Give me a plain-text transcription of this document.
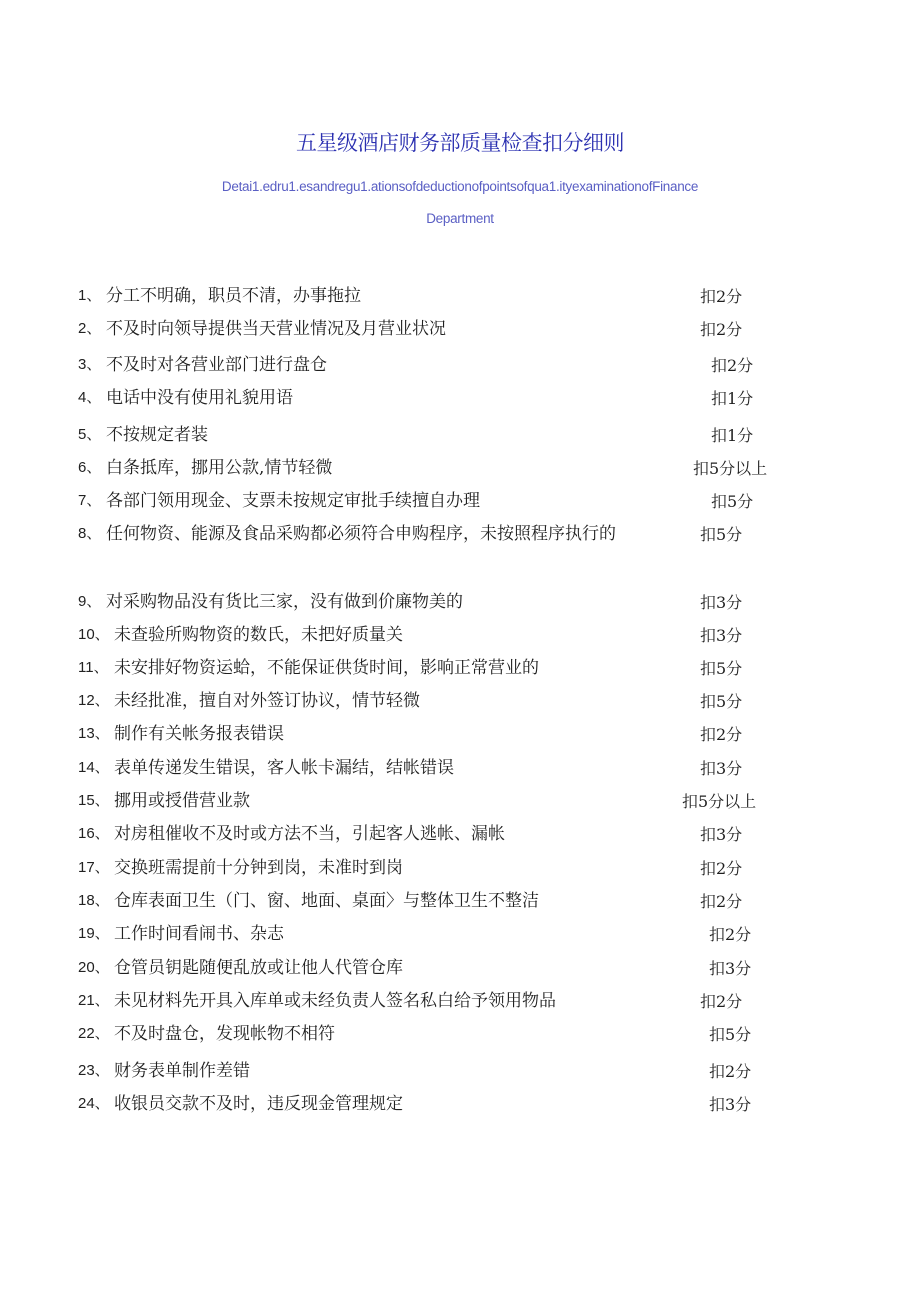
五星级酒店财务部质量检查扣分细则
Detai1.edru1.esandregu1.ationsofdeductionofpointsofqua1.ityexaminationofFinance
Department
1、 分工不明确，职员不清，办事拖拉	扣2分
2、 不及时向领导提供当天营业情况及月营业状况	扣2分
3、 不及时对各营业部门进行盘仓	扣2分
4、 电话中没有使用礼貌用语	扣1分
5、 不按规定者装	扣1分
6、 白条抵库，挪用公款,情节轻微	扣5分以上
7、 各部门领用现金、支票未按规定审批手续擅自办理	扣5分
8、 任何物资、能源及食品采购都必须符合申购程序，未按照程序执行的	扣5分
9、 对采购物品没有货比三家，没有做到价廉物美的	扣3分
10、 未查验所购物资的数氏，未把好质量关	扣3分
11、 未安排好物资运蛤，不能保证供货时间，影响正常营业的	扣5分
12、 未经批准，擅自对外签订协议，情节轻微	扣5分
13、 制作有关帐务报表错误	扣2分
14、 表单传递发生错误，客人帐卡漏结，结帐错误	扣3分
15、 挪用或授借营业款	扣5分以上
16、 对房租催收不及时或方法不当，引起客人逃帐、漏帐	扣3分
17、 交换班需提前十分钟到岗，未准时到岗	扣2分
18、 仓库表面卫生（门、窗、地面、桌面〉与整体卫生不整洁	扣2分
19、 工作时间看闹书、杂志	扣2分
20、 仓管员钥匙随便乱放或让他人代管仓库	扣3分
21、 未见材料先开具入库单或未经负责人签名私白给予领用物品	扣2分
22、 不及时盘仓，发现帐物不相符	扣5分
23、 财务表单制作差错	扣2分
24、 收银员交款不及时，违反现金管理规定	扣3分
